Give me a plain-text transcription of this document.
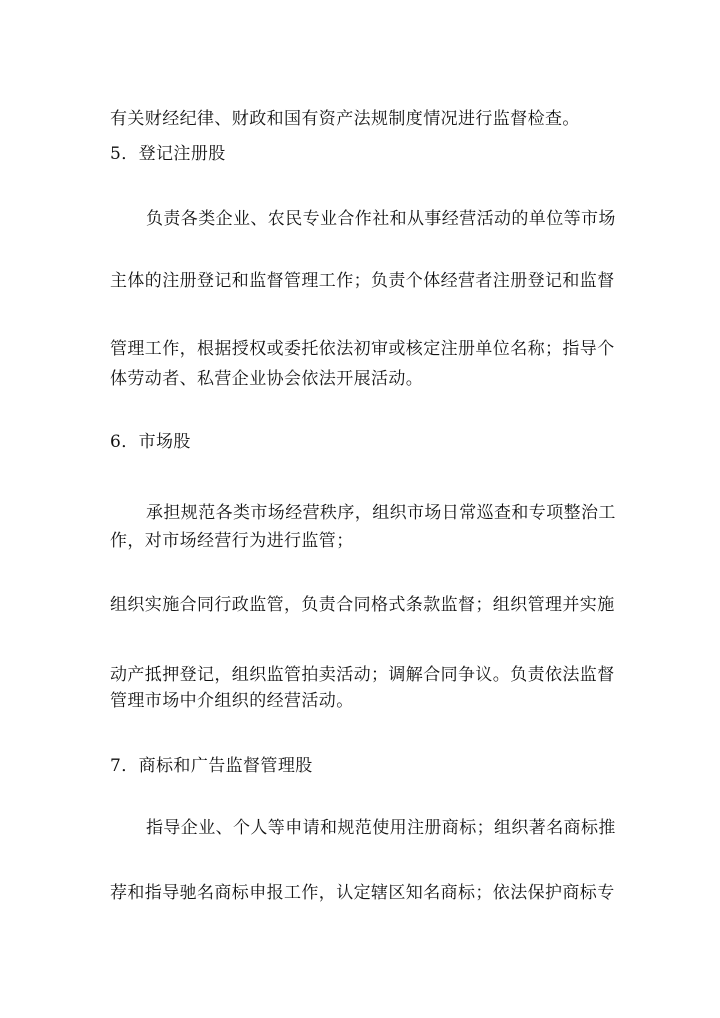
有关财经纪律、财政和国有资产法规制度情况进行监督检查。
5．登记注册股
负责各类企业、农民专业合作社和从事经营活动的单位等市场
主体的注册登记和监督管理工作；负责个体经营者注册登记和监督
管理工作，根据授权或委托依法初审或核定注册单位名称；指导个
体劳动者、私营企业协会依法开展活动。
6．市场股
承担规范各类市场经营秩序，组织市场日常巡查和专项整治工
作，对市场经营行为进行监管；
组织实施合同行政监管，负责合同格式条款监督；组织管理并实施
动产抵押登记，组织监管拍卖活动；调解合同争议。负责依法监督
管理市场中介组织的经营活动。
7．商标和广告监督管理股
指导企业、个人等申请和规范使用注册商标；组织著名商标推
荐和指导驰名商标申报工作，认定辖区知名商标；依法保护商标专
